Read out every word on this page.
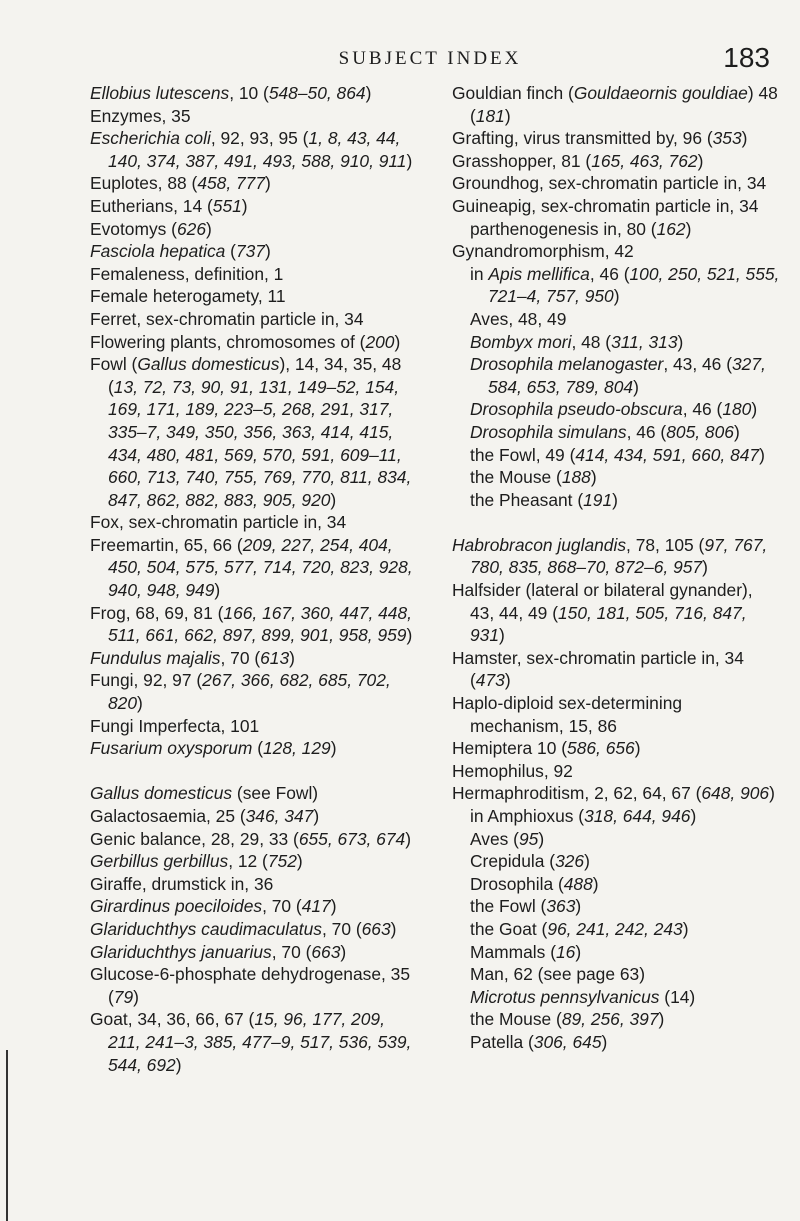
SUBJECT INDEX	183
Ellobius lutescens, 10 (548–50, 864)
Enzymes, 35
Escherichia coli, 92, 93, 95 (1, 8, 43, 44, 140, 374, 387, 491, 493, 588, 910, 911)
Euplotes, 88 (458, 777)
Eutherians, 14 (551)
Evotomys (626)
Fasciola hepatica (737)
Femaleness, definition, 1
Female heterogamety, 11
Ferret, sex-chromatin particle in, 34
Flowering plants, chromosomes of (200)
Fowl (Gallus domesticus), 14, 34, 35, 48 (13, 72, 73, 90, 91, 131, 149–52, 154, 169, 171, 189, 223–5, 268, 291, 317, 335–7, 349, 350, 356, 363, 414, 415, 434, 480, 481, 569, 570, 591, 609–11, 660, 713, 740, 755, 769, 770, 811, 834, 847, 862, 882, 883, 905, 920)
Fox, sex-chromatin particle in, 34
Freemartin, 65, 66 (209, 227, 254, 404, 450, 504, 575, 577, 714, 720, 823, 928, 940, 948, 949)
Frog, 68, 69, 81 (166, 167, 360, 447, 448, 511, 661, 662, 897, 899, 901, 958, 959)
Fundulus majalis, 70 (613)
Fungi, 92, 97 (267, 366, 682, 685, 702, 820)
Fungi Imperfecta, 101
Fusarium oxysporum (128, 129)
Gallus domesticus (see Fowl)
Galactosaemia, 25 (346, 347)
Genic balance, 28, 29, 33 (655, 673, 674)
Gerbillus gerbillus, 12 (752)
Giraffe, drumstick in, 36
Girardinus poeciloides, 70 (417)
Glariduchthys caudimaculatus, 70 (663)
Glariduchthys januarius, 70 (663)
Glucose-6-phosphate dehydrogenase, 35 (79)
Goat, 34, 36, 66, 67 (15, 96, 177, 209, 211, 241–3, 385, 477–9, 517, 536, 539, 544, 692)
Gouldian finch (Gouldaeornis gouldiae) 48 (181)
Grafting, virus transmitted by, 96 (353)
Grasshopper, 81 (165, 463, 762)
Groundhog, sex-chromatin particle in, 34
Guineapig, sex-chromatin particle in, 34
parthenogenesis in, 80 (162)
Gynandromorphism, 42
in Apis mellifica, 46 (100, 250, 521, 555, 721–4, 757, 950)
Aves, 48, 49
Bombyx mori, 48 (311, 313)
Drosophila melanogaster, 43, 46 (327, 584, 653, 789, 804)
Drosophila pseudo-obscura, 46 (180)
Drosophila simulans, 46 (805, 806)
the Fowl, 49 (414, 434, 591, 660, 847)
the Mouse (188)
the Pheasant (191)
Habrobracon juglandis, 78, 105 (97, 767, 780, 835, 868–70, 872–6, 957)
Halfsider (lateral or bilateral gynander), 43, 44, 49 (150, 181, 505, 716, 847, 931)
Hamster, sex-chromatin particle in, 34 (473)
Haplo-diploid sex-determining mechanism, 15, 86
Hemiptera 10 (586, 656)
Hemophilus, 92
Hermaphroditism, 2, 62, 64, 67 (648, 906)
in Amphioxus (318, 644, 946)
Aves (95)
Crepidula (326)
Drosophila (488)
the Fowl (363)
the Goat (96, 241, 242, 243)
Mammals (16)
Man, 62 (see page 63)
Microtus pennsylvanicus (14)
the Mouse (89, 256, 397)
Patella (306, 645)
